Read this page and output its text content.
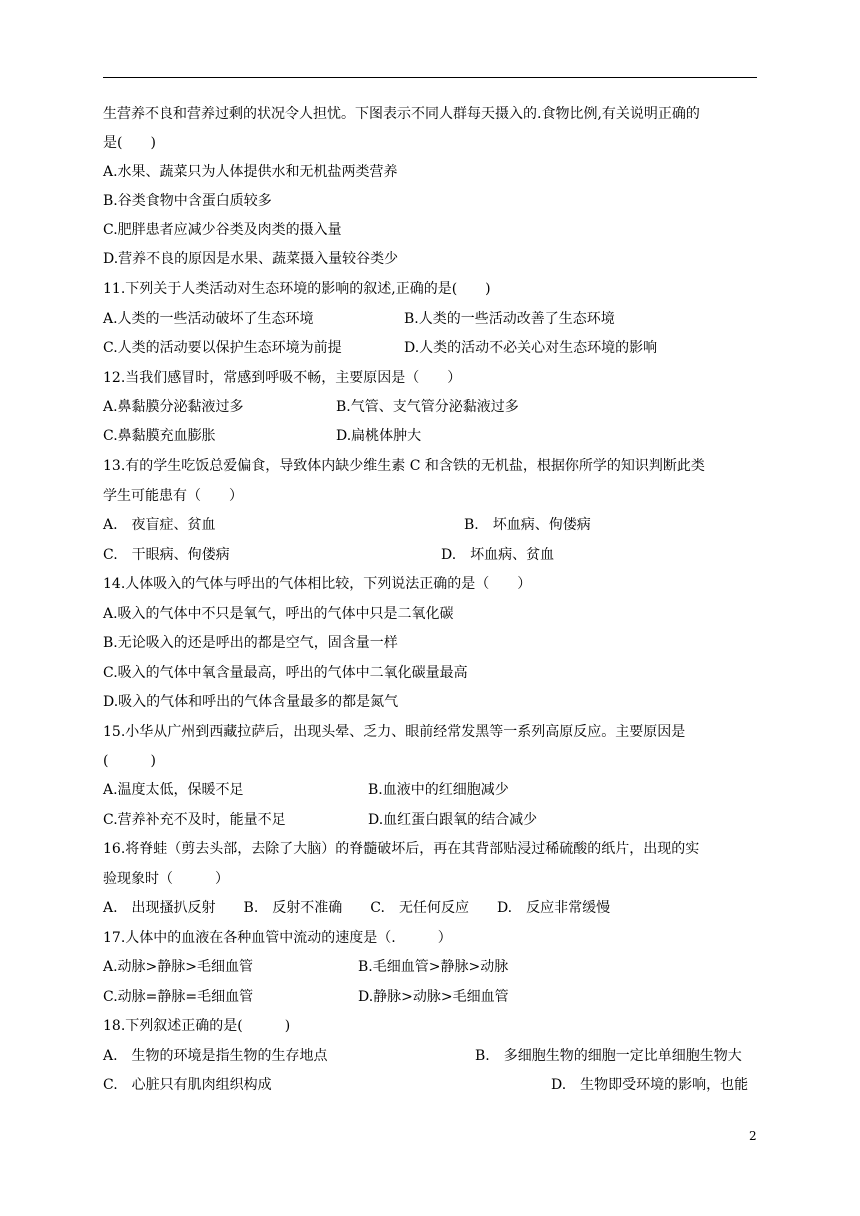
生营养不良和营养过剩的状况令人担忧。下图表示不同人群每天摄入的.食物比例,有关说明正确的
是(　　)
A.水果、蔬菜只为人体提供水和无机盐两类营养
B.谷类食物中含蛋白质较多
C.肥胖患者应减少谷类及肉类的摄入量
D.营养不良的原因是水果、蔬菜摄入量较谷类少
11.下列关于人类活动对生态环境的影响的叙述,正确的是(　　)
A.人类的一些活动破坏了生态环境	B.人类的一些活动改善了生态环境
C.人类的活动要以保护生态环境为前提	D.人类的活动不必关心对生态环境的影响
12.当我们感冒时，常感到呼吸不畅，主要原因是（　　）
A.鼻黏膜分泌黏液过多	B.气管、支气管分泌黏液过多
C.鼻黏膜充血膨胀	D.扁桃体肿大
13.有的学生吃饭总爱偏食，导致体内缺少维生素 C 和含铁的无机盐，根据你所学的知识判断此类
学生可能患有（　　）
A.　夜盲症、贫血	B.　坏血病、佝偻病
C.　干眼病、佝偻病	D.　坏血病、贫血
14.人体吸入的气体与呼出的气体相比较，下列说法正确的是（　　）
A.吸入的气体中不只是氧气，呼出的气体中只是二氧化碳
B.无论吸入的还是呼出的都是空气，固含量一样
C.吸入的气体中氧含量最高，呼出的气体中二氧化碳量最高
D.吸入的气体和呼出的气体含量最多的都是氮气
15.小华从广州到西藏拉萨后，出现头晕、乏力、眼前经常发黑等一系列高原反应。主要原因是
(　　　)
A.温度太低，保暖不足	B.血液中的红细胞减少
C.营养补充不及时，能量不足	D.血红蛋白跟氧的结合减少
16.将脊蛙（剪去头部，去除了大脑）的脊髓破坏后，再在其背部贴浸过稀硫酸的纸片，出现的实
验现象时（　　　）
A.　出现搔扒反射　　B.　反射不准确　　C.　无任何反应　　D.　反应非常缓慢
17.人体中的血液在各种血管中流动的速度是（.　　　）
A.动脉>静脉>毛细血管	B.毛细血管>静脉>动脉
C.动脉=静脉=毛细血管	D.静脉>动脉>毛细血管
18.下列叙述正确的是(　　　)
A.　生物的环境是指生物的生存地点	B.　多细胞生物的细胞一定比单细胞生物大
C.　心脏只有肌肉组织构成	D.　生物即受环境的影响，也能
2
